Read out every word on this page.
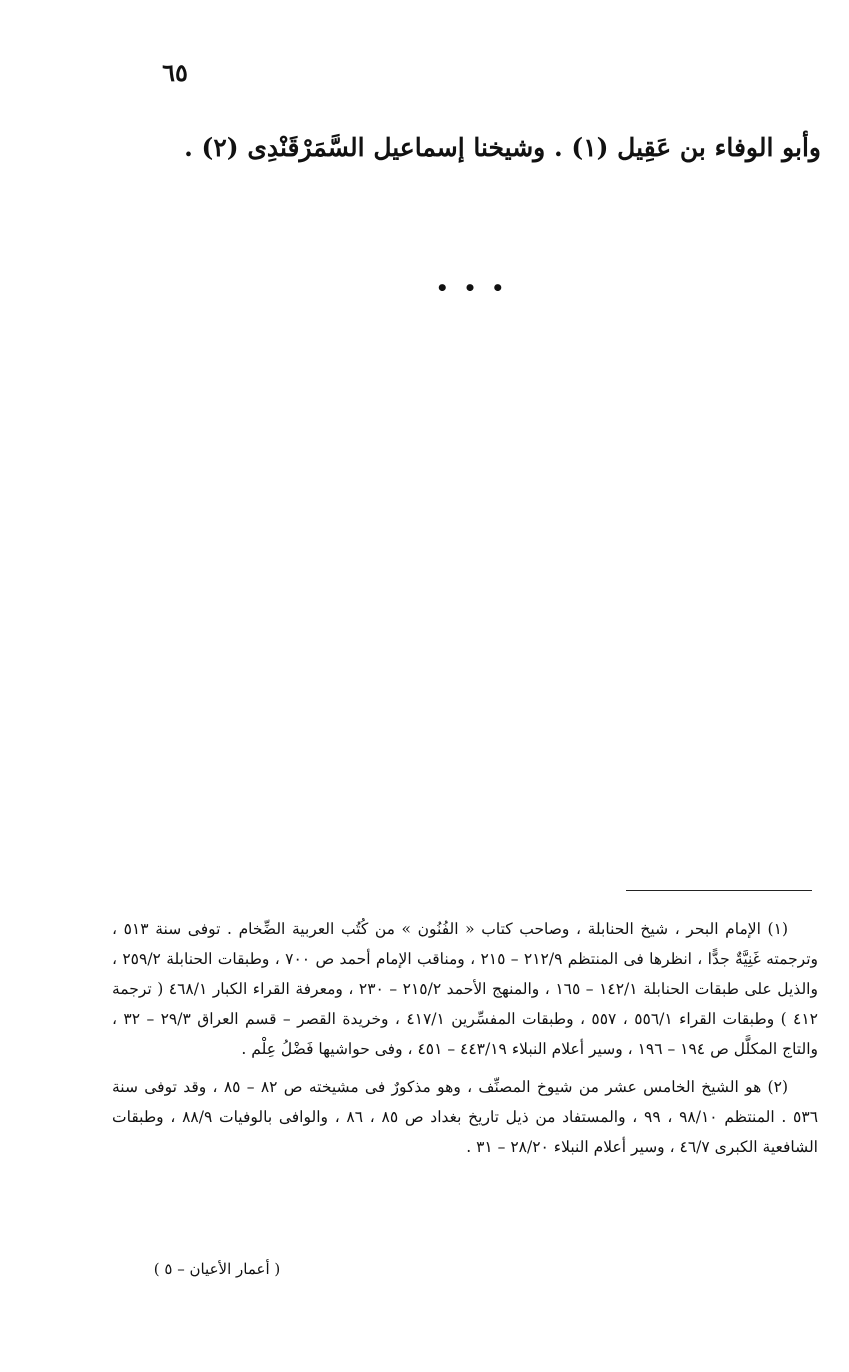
٦٥
وأبو الوفاء بن عَقِيل (١) . وشيخنا إسماعيل السَّمَرْقَنْدِى (٢) .
• • •

(١) الإمام البحر ، شيخ الحنابلة ، وصاحب كتاب « الفُنُون » من كُتُب العربية الضِّخام . توفى سنة ٥١٣ ، وترجمته غَنِيَّةٌ جدًّا ، انظرها فى المنتظم ٢١٢/٩ – ٢١٥ ، ومناقب الإمام أحمد ص ٧٠٠ ، وطبقات الحنابلة ٢٥٩/٢ ، والذيل على طبقات الحنابلة ١٤٢/١ – ١٦٥ ، والمنهج الأحمد ٢١٥/٢ – ٢٣٠ ، ومعرفة القراء الكبار ٤٦٨/١ ( ترجمة ٤١٢ ) وطبقات القراء ٥٥٦/١ ، ٥٥٧ ، وطبقات المفسِّرين ٤١٧/١ ، وخريدة القصر – قسم العراق ٢٩/٣ – ٣٢ ، والتاج المكلَّل ص ١٩٤ – ١٩٦ ، وسير أعلام النبلاء ٤٤٣/١٩ – ٤٥١ ، وفى حواشيها فَضْلُ عِلْم .

(٢) هو الشيخ الخامس عشر من شيوخ المصنِّف ، وهو مذكورٌ فى مشيخته ص ٨٢ – ٨٥ ، وقد توفى سنة ٥٣٦ . المنتظم ٩٨/١٠ ، ٩٩ ، والمستفاد من ذيل تاريخ بغداد ص ٨٥ ، ٨٦ ، والوافى بالوفيات ٨٨/٩ ، وطبقات الشافعية الكبرى ٤٦/٧ ، وسير أعلام النبلاء ٢٨/٢٠ – ٣١ .

( أعمار الأعيان – ٥ )
